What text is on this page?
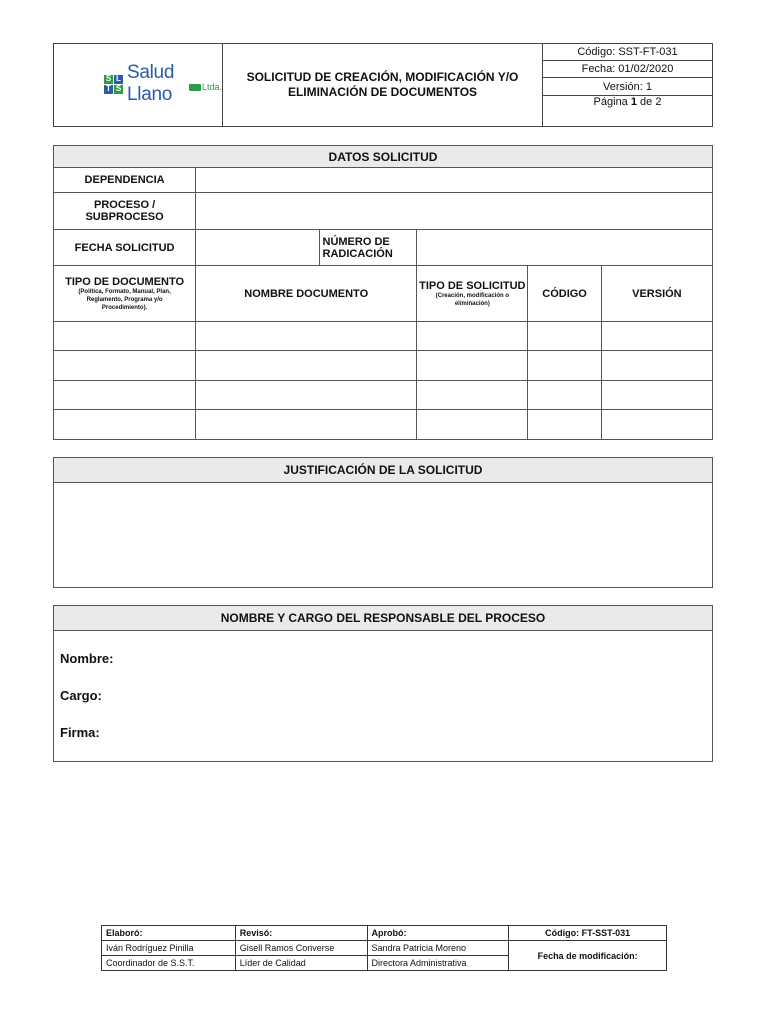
S L
T S
Salud Llano	Ltda.

SOLICITUD DE CREACIÓN, MODIFICACIÓN Y/O
ELIMINACIÓN DE DOCUMENTOS
	Código: SST-FT-031
Fecha: 01/02/2020
Versión: 1
Página 1 de 2
DATOS SOLICITUD					
DEPENDENCIA					
PROCESO / SUBPROCESO					
FECHA SOLICITUD		NÚMERO DE
RADICACIÓN			

TIPO DE DOCUMENTO
(Política, Formato, Manual, Plan,
Reglamento, Programa y/o
Procedimiento).	NOMBRE DOCUMENTO		TIPO DE SOLICITUD
(Creación, modificación o
eliminación)	CÓDIGO	VERSIÓN

JUSTIFICACIÓN DE LA SOLICITUD

NOMBRE Y CARGO DEL RESPONSABLE DEL PROCESO

Nombre:
Cargo:
Firma:
Elaboró:	Revisó:	Aprobó:	Código: FT-SST-031
Iván Rodríguez Pinilla	Gisell Ramos Converse	Sandra Patricia Moreno	Fecha de modificación:
Coordinador de S.S.T.	Líder de Calidad	Directora Administrativa	
